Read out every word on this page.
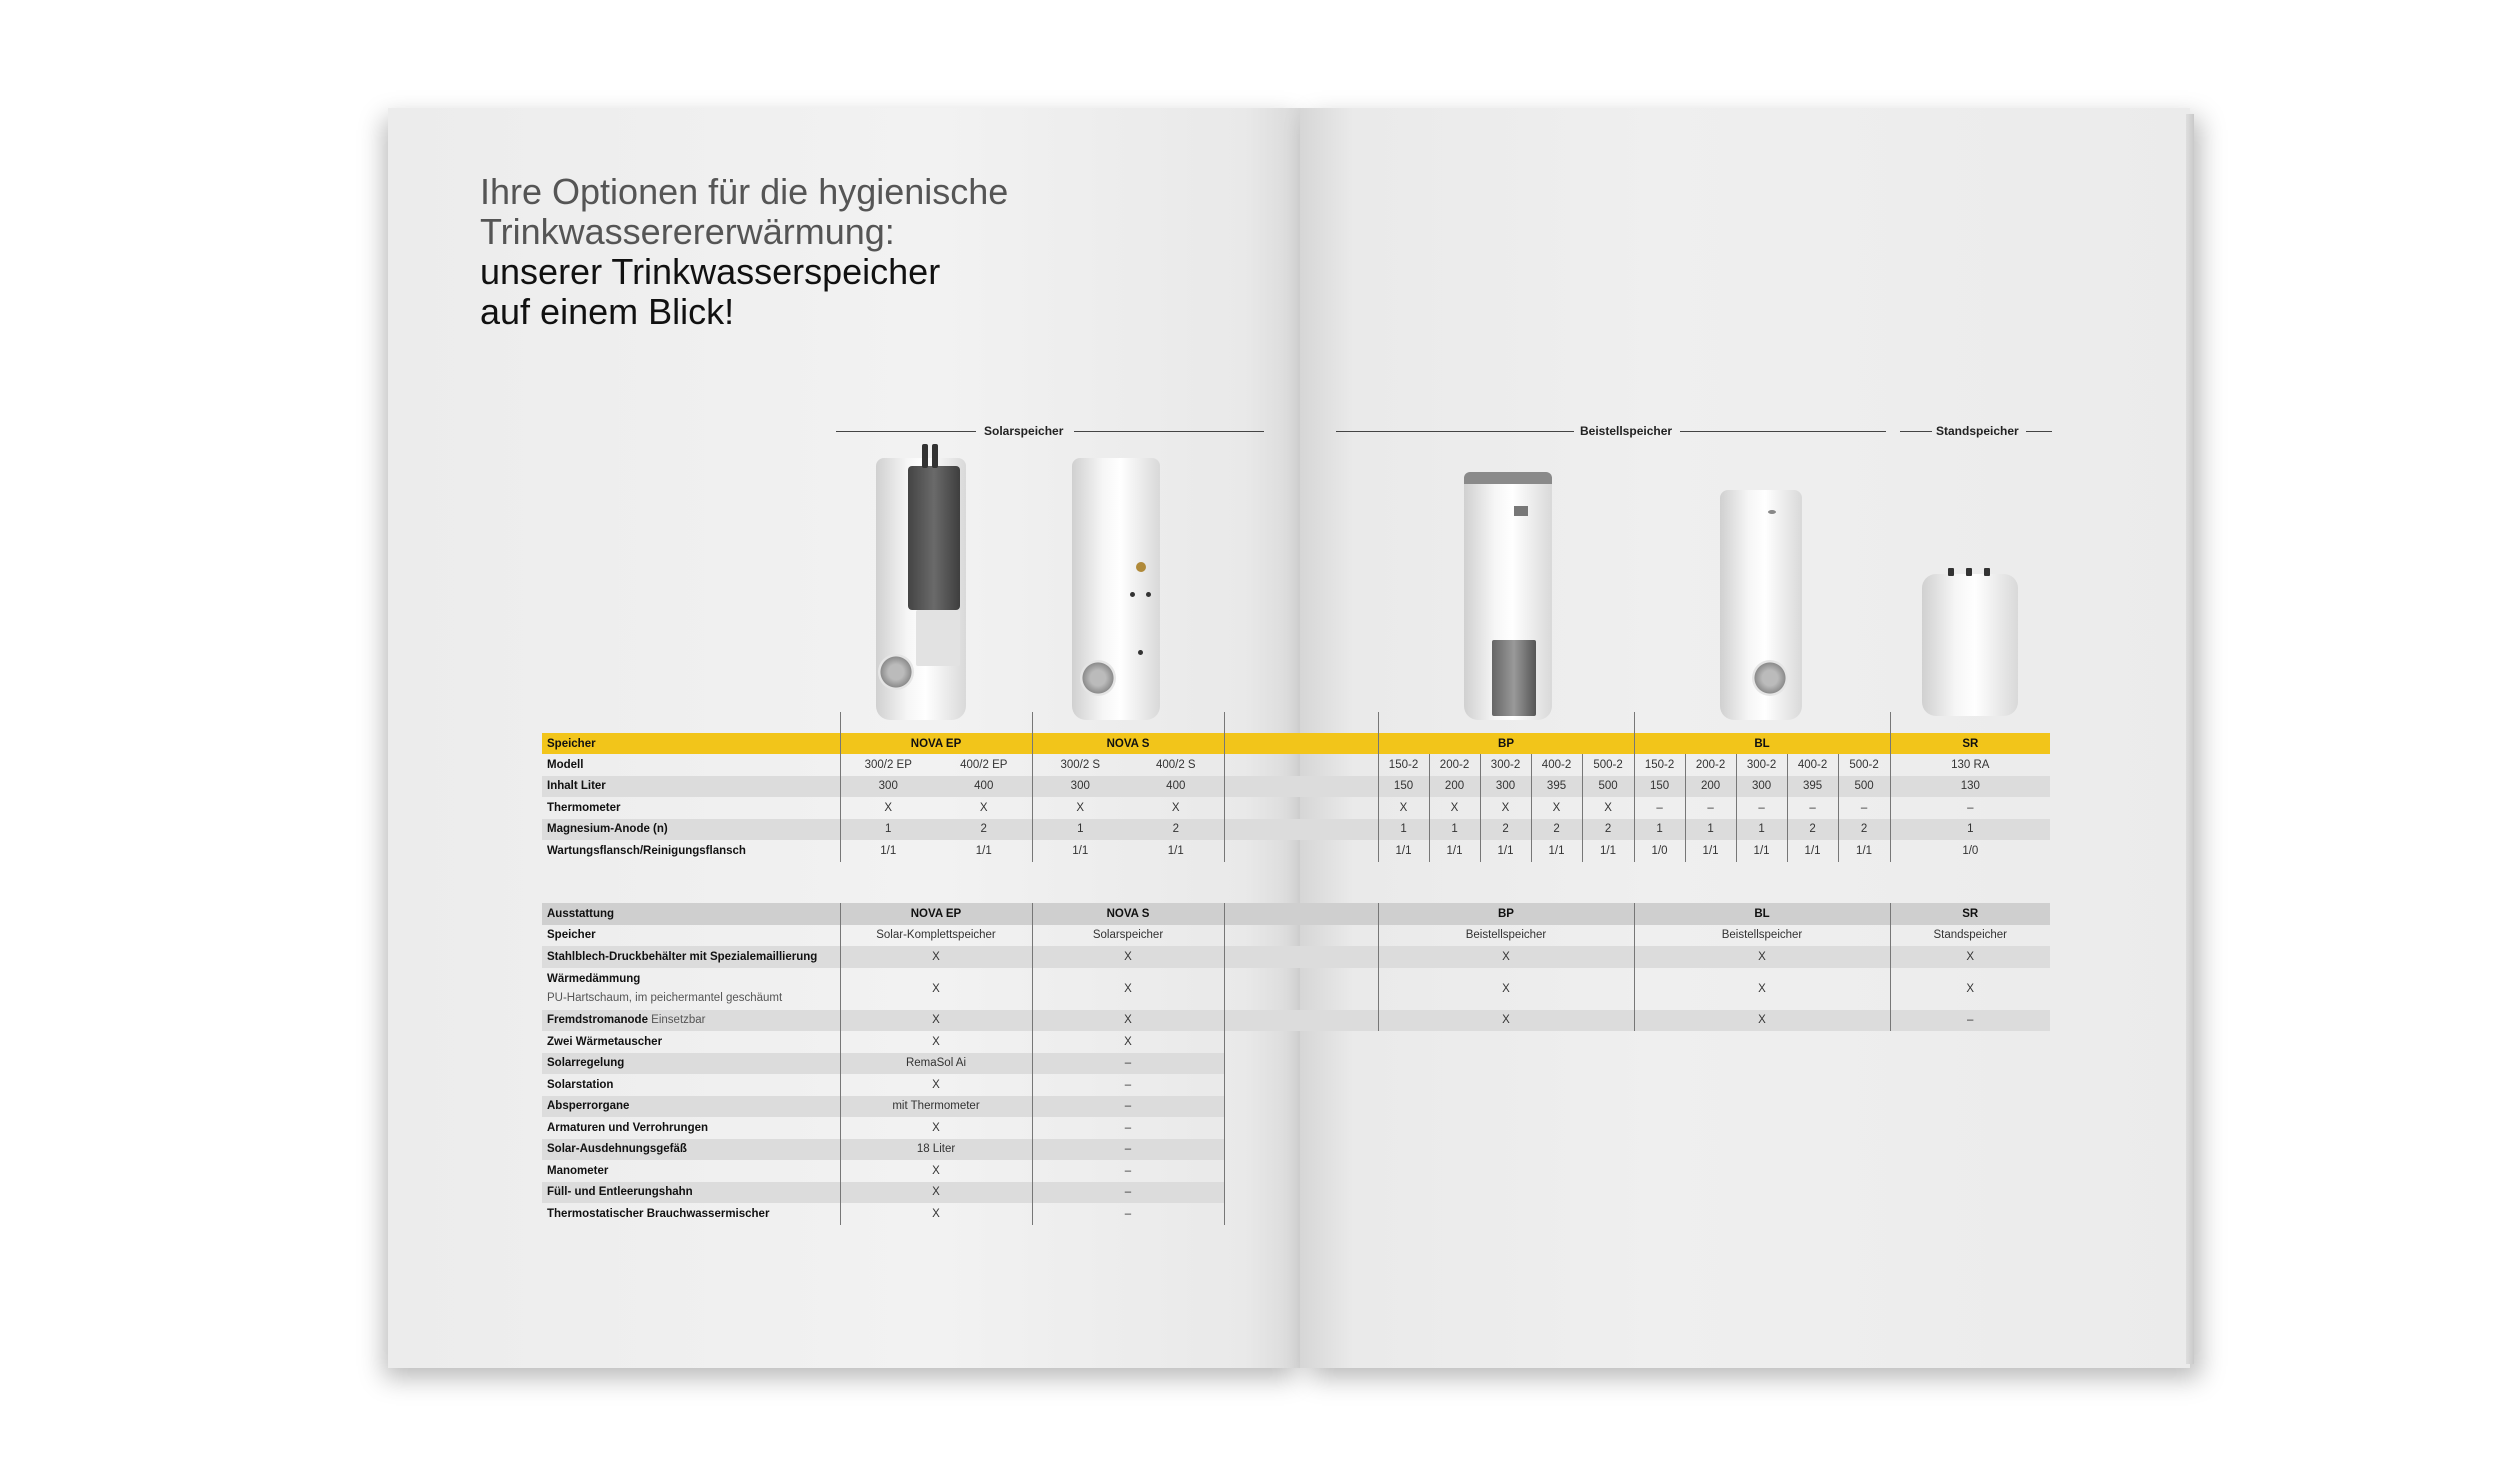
Ihre Optionen für die hygienische
Trinkwasserererwärmung:
unserer Trinkwasserspeicher
auf einem Blick!
Solarspeicher	Beistellspeicher	Standspeicher
Speicher	NOVA EP		NOVA S			BP					BL					SR
Modell	300/2 EP	400/2 EP	300/2 S	400/2 S		150-2	200-2	300-2	400-2	500-2	150-2	200-2	300-2	400-2	500-2	130 RA
Inhalt Liter	300	400	300	400		150	200	300	395	500	150	200	300	395	500	130
Thermometer	X	X	X	X		X	X	X	X	X	–	–	–	–	–	–
Magnesium-Anode (n)	1	2	1	2		1	1	2	2	2	1	1	1	2	2	1
Wartungsflansch/Reinigungsflansch	1/1	1/1	1/1	1/1		1/1	1/1	1/1	1/1	1/1	1/0	1/1	1/1	1/1	1/1	1/0
Ausstattung	NOVA EP	NOVA S		BP	BL	SR
Speicher	Solar-Komplettspeicher	Solarspeicher		Beistellspeicher	Beistellspeicher	Standspeicher
Stahlblech-Druckbehälter mit Spezialemaillierung	X	X		X	X	X
Wärmedämmung
PU-Hartschaum, im peichermantel geschäumt	X	X		X	X	X
Fremdstromanode Einsetzbar	X	X		X	X	–
Zwei Wärmetauscher	X	X				
Solarregelung	RemaSol Ai	–				
Solarstation	X	–				
Absperrorgane	mit Thermometer	–				
Armaturen und Verrohrungen	X	–				
Solar-Ausdehnungsgefäß	18 Liter	–				
Manometer	X	–				
Füll- und Entleerungshahn	X	–				
Thermostatischer Brauchwassermischer	X	–				
